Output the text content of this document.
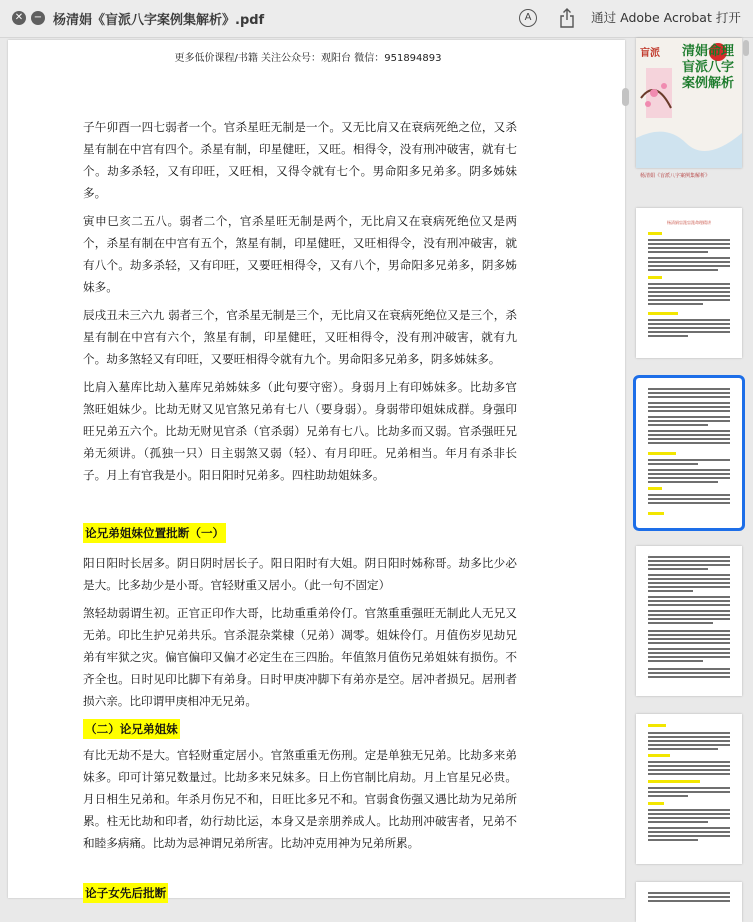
✕ − 杨清娟《盲派八字案例集解析》.pdf	A	通过 Adobe Acrobat 打开
更多低价课程/书籍 关注公众号：观阳台 微信：951894893

子午卯酉一四七弱者一个。官杀星旺无制是一个。又无比肩又在衰病死绝之位，又杀星有制在中宫有四个。杀星有制，印星健旺，又旺。相得令，没有刑冲破害，就有七个。劫多杀轻，又有印旺，又旺相，又得令就有七个。男命阳多兄弟多。阴多姊妹多。

寅申巳亥二五八。弱者二个，官杀星旺无制是两个，无比肩又在衰病死绝位又是两个，杀星有制在中宫有五个，煞星有制，印星健旺，又旺相得令，没有刑冲破害，就有八个。劫多杀轻，又有印旺，又要旺相得令，又有八个，男命阳多兄弟多，阴多姊妹多。

辰戌丑未三六九 弱者三个，官杀星无制是三个，无比肩又在衰病死绝位又是三个，杀星有制在中宫有六个，煞星有制，印星健旺，又旺相得令，没有刑冲破害，就有九个。劫多煞轻又有印旺，又要旺相得令就有九个。男命阳多兄弟多，阴多姊妹多。

比肩入墓库比劫入墓库兄弟姊妹多（此句要守密）。身弱月上有印姊妹多。比劫多官煞旺姐妹少。比劫无财又见官煞兄弟有七八（要身弱）。身弱带印姐妹成群。身强印旺兄弟五六个。比劫无财见官杀（官杀弱）兄弟有七八。比劫多而又弱。官杀强旺兄弟无须讲。（孤独一只）日主弱煞又弱（轻）、有月印旺。兄弟相当。年月有杀非长子。月上有官我是小。阳日阳时兄弟多。四柱助劫姐妹多。

论兄弟姐妹位置批断（一）

阳日阳时长居多。阴日阴时居长子。阳日阳时有大姐。阴日阳时姊称哥。劫多比少必是大。比多劫少是小哥。官轻财重又居小。（此一句不固定）

煞轻劫弱谓生初。正官正印作大哥，比劫重重弟伶仃。官煞重重强旺无制此人无兄又无弟。印比生护兄弟共乐。官杀混杂棠棣（兄弟）凋零。姐妹伶仃。月值伤岁见劫兄弟有牢狱之灾。偏官偏印又偏才必定生在三四胎。年值煞月值伤兄弟姐妹有损伤。不齐全也。日时见印比脚下有弟身。日时甲庚冲脚下有弟亦是空。居冲者损兄。居刑者损六亲。比印谓甲庚相冲无兄弟。

（二）论兄弟姐妹

有比无劫不是大。官轻财重定居小。官煞重重无伤刑。定是单独无兄弟。比劫多来弟妹多。印可计第兄数量过。比劫多来兄妹多。日上伤官制比肩劫。月上官星兄必贵。月日相生兄弟和。年杀月伤兄不和，日旺比多兄不和。官弱食伤强又遇比劫为兄弟所累。柱无比劫和印者，幼行劫比运，本身又是亲朋养成人。比劫刑冲破害者，兄弟不和睦多病痛。比劫为忌神谓兄弟所害。比劫冲克用神为兄弟所累。

论子女先后批断
盲派 清娟命理 盲派八字案例解析
杨清娟《盲派八字案例集解析》
杨清娟盲派盲派命理精讲
